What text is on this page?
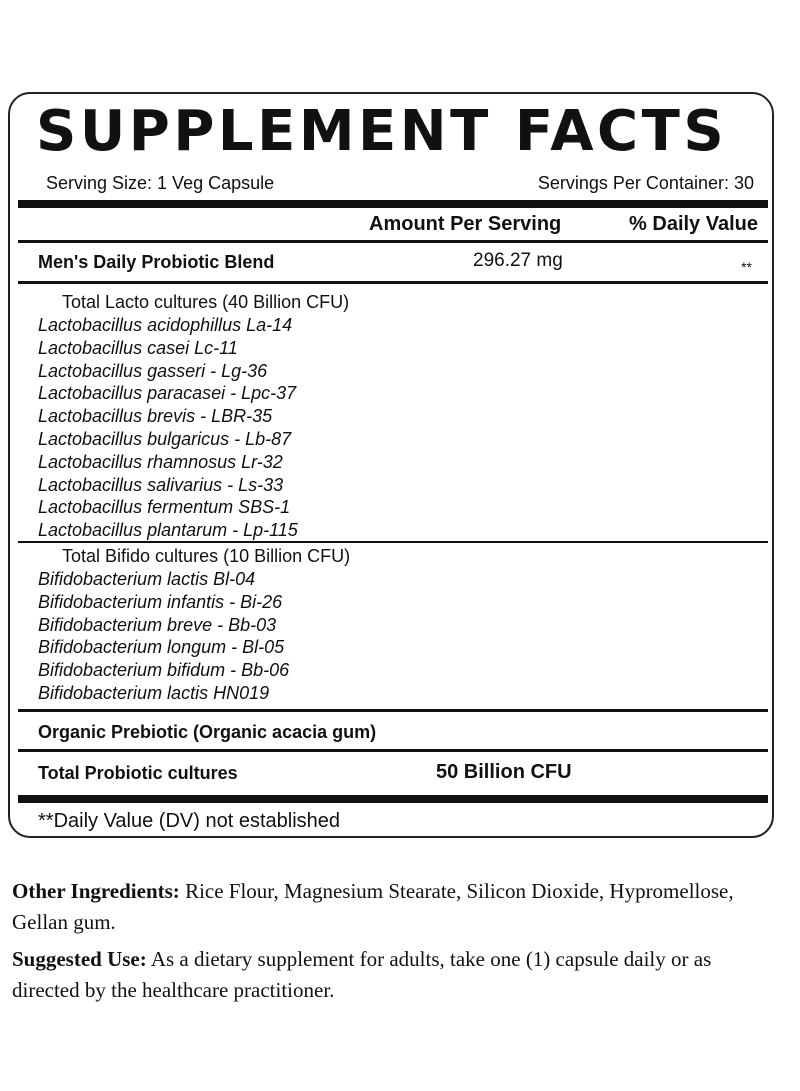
SUPPLEMENT FACTS
Serving Size: 1 Veg Capsule	Servings Per Container: 30
Amount Per Serving	% Daily Value
Men's Daily Probiotic Blend	296.27 mg	**
Total Lacto cultures (40 Billion CFU)
Lactobacillus acidophillus La-14
Lactobacillus casei Lc-11
Lactobacillus gasseri - Lg-36
Lactobacillus paracasei - Lpc-37
Lactobacillus brevis - LBR-35
Lactobacillus bulgaricus - Lb-87
Lactobacillus rhamnosus Lr-32
Lactobacillus salivarius - Ls-33
Lactobacillus fermentum SBS-1
Lactobacillus plantarum - Lp-115
Total Bifido cultures (10 Billion CFU)
Bifidobacterium lactis Bl-04
Bifidobacterium infantis - Bi-26
Bifidobacterium breve - Bb-03
Bifidobacterium longum - Bl-05
Bifidobacterium bifidum - Bb-06
Bifidobacterium lactis HN019
Organic Prebiotic (Organic acacia gum)
Total Probiotic cultures	50 Billion CFU
**Daily Value (DV) not established

Other Ingredients: Rice Flour, Magnesium Stearate, Silicon Dioxide, Hypromellose, Gellan gum.

Suggested Use: As a dietary supplement for adults, take one (1) capsule daily or as directed by the healthcare practitioner.
